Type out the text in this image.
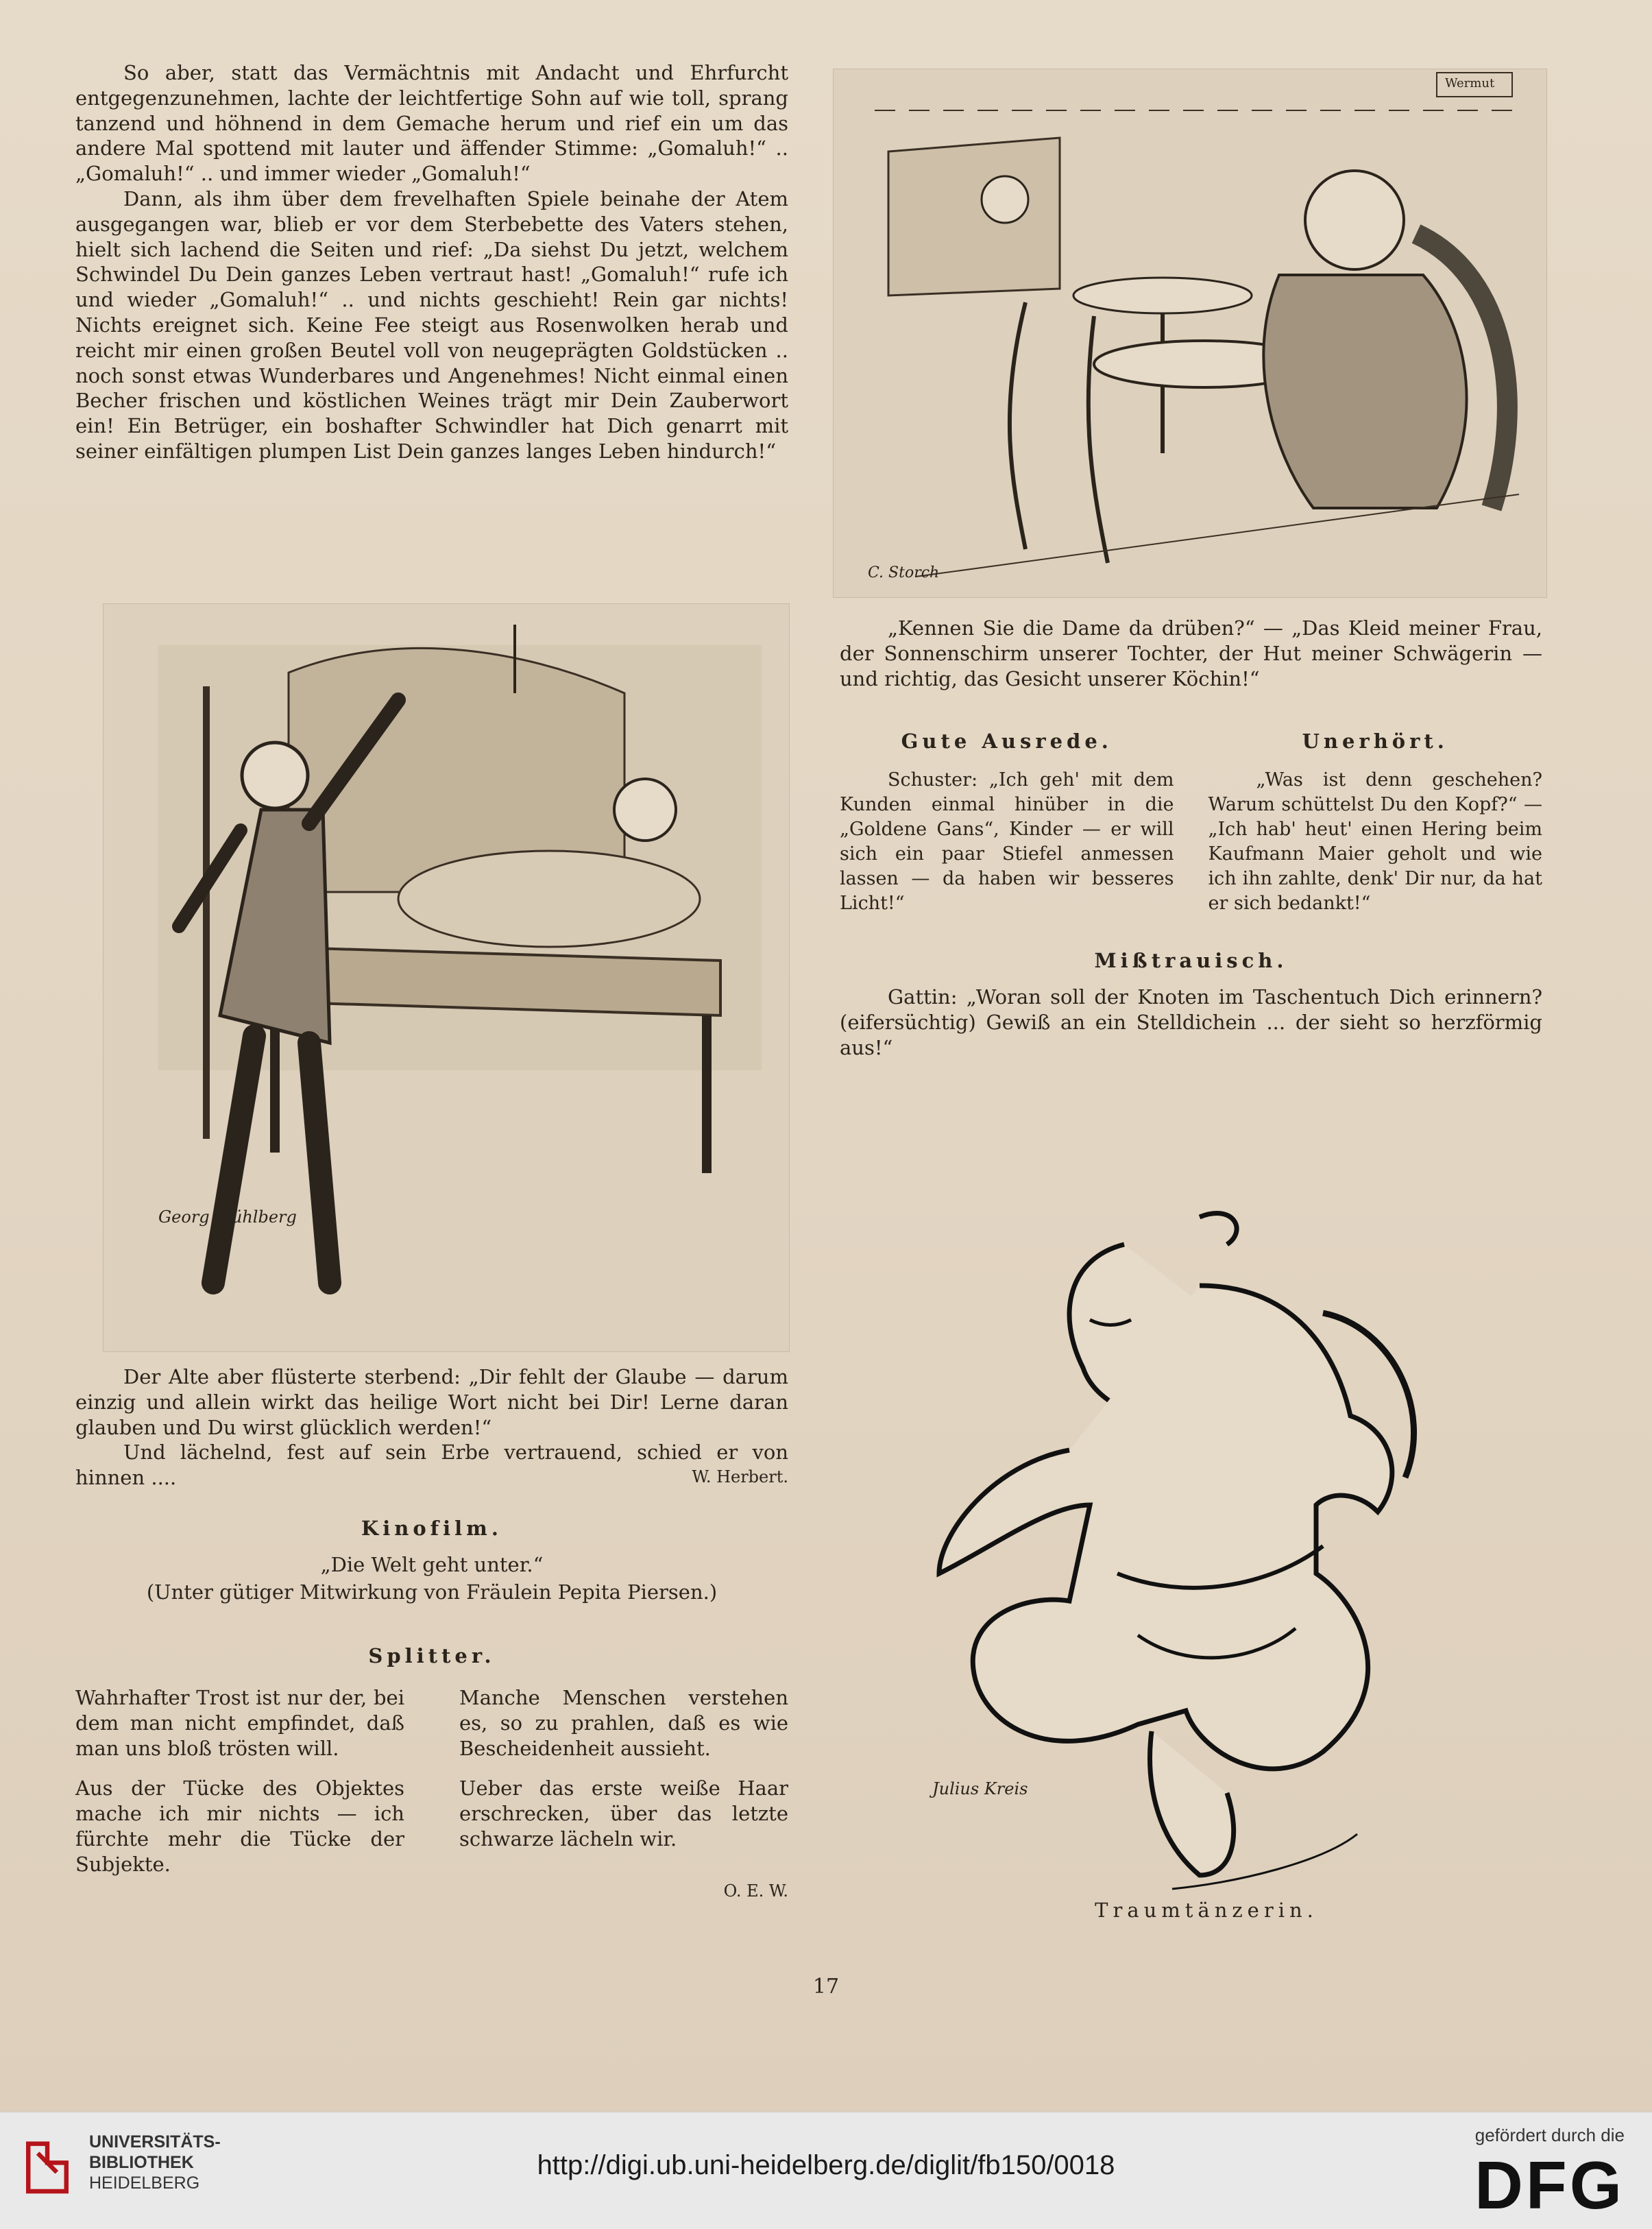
So aber, statt das Vermächtnis mit Andacht und Ehrfurcht entgegenzunehmen, lachte der leichtfertige Sohn auf wie toll, sprang tanzend und höhnend in dem Gemache herum und rief ein um das andere Mal spottend mit lauter und äffender Stimme: „Gomaluh!“ .. „Gomaluh!“ .. und immer wieder „Gomaluh!“

Dann, als ihm über dem frevelhaften Spiele beinahe der Atem ausgegangen war, blieb er vor dem Sterbebette des Vaters stehen, hielt sich lachend die Seiten und rief: „Da siehst Du jetzt, welchem Schwindel Du Dein ganzes Leben vertraut hast! „Gomaluh!“ rufe ich und wieder „Gomaluh!“ .. und nichts geschieht! Rein gar nichts! Nichts ereignet sich. Keine Fee steigt aus Rosenwolken herab und reicht mir einen großen Beutel voll von neugeprägten Goldstücken .. noch sonst etwas Wunderbares und Angenehmes! Nicht einmal einen Becher frischen und köstlichen Weines trägt mir Dein Zauberwort ein! Ein Betrüger, ein boshafter Schwindler hat Dich genarrt mit seiner einfältigen plumpen List Dein ganzes langes Leben hindurch!“

Georg Mühlberg

Der Alte aber flüsterte sterbend: „Dir fehlt der Glaube — darum einzig und allein wirkt das heilige Wort nicht bei Dir! Lerne daran glauben und Du wirst glücklich werden!“

Und lächelnd, fest auf sein Erbe vertrauend, schied er von hinnen ....	W. Herbert.

Kinofilm.

„Die Welt geht unter.“

(Unter gütiger Mitwirkung von Fräulein Pepita Piersen.)

Splitter.

Wahrhafter Trost ist nur der, bei dem man nicht empfindet, daß man uns bloß trösten will.

Manche Menschen verstehen es, so zu prahlen, daß es wie Bescheidenheit aussieht.

Aus der Tücke des Objektes mache ich mir nichts — ich fürchte mehr die Tücke der Subjekte.

Ueber das erste weiße Haar erschrecken, über das letzte schwarze lächeln wir.

O. E. W.

Wermut
C. Storch

„Kennen Sie die Dame da drüben?“ — „Das Kleid meiner Frau, der Sonnenschirm unserer Tochter, der Hut meiner Schwägerin — und richtig, das Gesicht unserer Köchin!“

Gute Ausrede.

Schuster: „Ich geh' mit dem Kunden einmal hinüber in die „Goldene Gans“, Kinder — er will sich ein paar Stiefel anmessen lassen — da haben wir besseres Licht!“

Unerhört.

„Was ist denn geschehen? Warum schüttelst Du den Kopf?“ — „Ich hab' heut' einen Hering beim Kaufmann Maier geholt und wie ich ihn zahlte, denk' Dir nur, da hat er sich bedankt!“

Mißtrauisch.

Gattin: „Woran soll der Knoten im Taschentuch Dich erinnern? (eifersüchtig) Gewiß an ein Stelldichein ... der sieht so herzförmig aus!“

Julius Kreis

Traumtänzerin.

17
UNIVERSITÄTS-
BIBLIOTHEK
HEIDELBERG
http://digi.ub.uni-heidelberg.de/diglit/fb150/0018
gefördert durch die
DFG
